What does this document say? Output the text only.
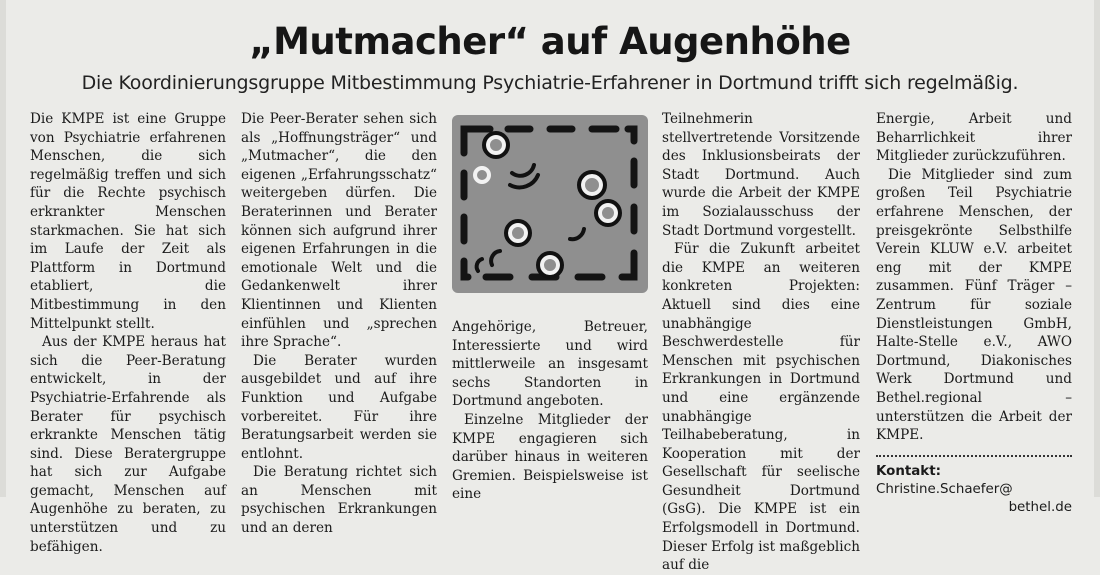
„Mutmacher“ auf Augenhöhe
Die Koordinierungsgruppe Mitbestimmung Psychiatrie-Erfahrener in Dortmund trifft sich regelmäßig.

Die KMPE ist eine Gruppe von Psychiatrie erfahrenen Menschen, die sich regelmäßig treffen und sich für die Rechte psychisch erkrankter Menschen starkmachen. Sie hat sich im Laufe der Zeit als Plattform in Dortmund etabliert, die Mitbestimmung in den Mittelpunkt stellt.

Aus der KMPE heraus hat sich die Peer-Beratung entwickelt, in der Psychiatrie-Erfahrende als Berater für psychisch erkrankte Menschen tätig sind. Diese Beratergruppe hat sich zur Aufgabe gemacht, Menschen auf Augenhöhe zu beraten, zu unterstützen und zu befähigen.

Die Peer-Berater sehen sich als „Hoffnungsträger“ und „Mutmacher“, die den eigenen „Erfahrungsschatz“ weitergeben dürfen. Die Beraterinnen und Berater können sich aufgrund ihrer eigenen Erfahrungen in die emotionale Welt und die Gedankenwelt ihrer Klientinnen und Klienten einfühlen und „sprechen ihre Sprache“.

Die Berater wurden ausgebildet und auf ihre Funktion und Aufgabe vorbereitet. Für ihre Beratungsarbeit werden sie entlohnt.

Die Beratung richtet sich an Menschen mit psychischen Erkrankungen und an deren

Angehörige, Betreuer, Interessierte und wird mittlerweile an insgesamt sechs Standorten in Dortmund angeboten.

Einzelne Mitglieder der KMPE engagieren sich darüber hinaus in weiteren Gremien. Beispielsweise ist eine

Teilnehmerin stellvertretende Vorsitzende des Inklusionsbeirats der Stadt Dortmund. Auch wurde die Arbeit der KMPE im Sozialausschuss der Stadt Dortmund vorgestellt.

Für die Zukunft arbeitet die KMPE an weiteren konkreten Projekten: Aktuell sind dies eine unabhängige Beschwerdestelle für Menschen mit psychischen Erkrankungen in Dortmund und eine ergänzende unabhängige Teilhabeberatung, in Kooperation mit der Gesellschaft für seelische Gesundheit Dortmund (GsG). Die KMPE ist ein Erfolgsmodell in Dortmund. Dieser Erfolg ist maßgeblich auf die

Energie, Arbeit und Beharrlichkeit ihrer Mitglieder zurückzuführen.

Die Mitglieder sind zum großen Teil Psychiatrie erfahrene Menschen, der preisgekrönte Selbsthilfe Verein KLUW e.V. arbeitet eng mit der KMPE zusammen. Fünf Träger – Zentrum für soziale Dienstleistungen GmbH, Halte-Stelle e.V., AWO Dortmund, Diakonisches Werk Dortmund und Bethel.regional – unterstützen die Arbeit der KMPE.

Kontakt: Christine.Schaefer@
bethel.de
